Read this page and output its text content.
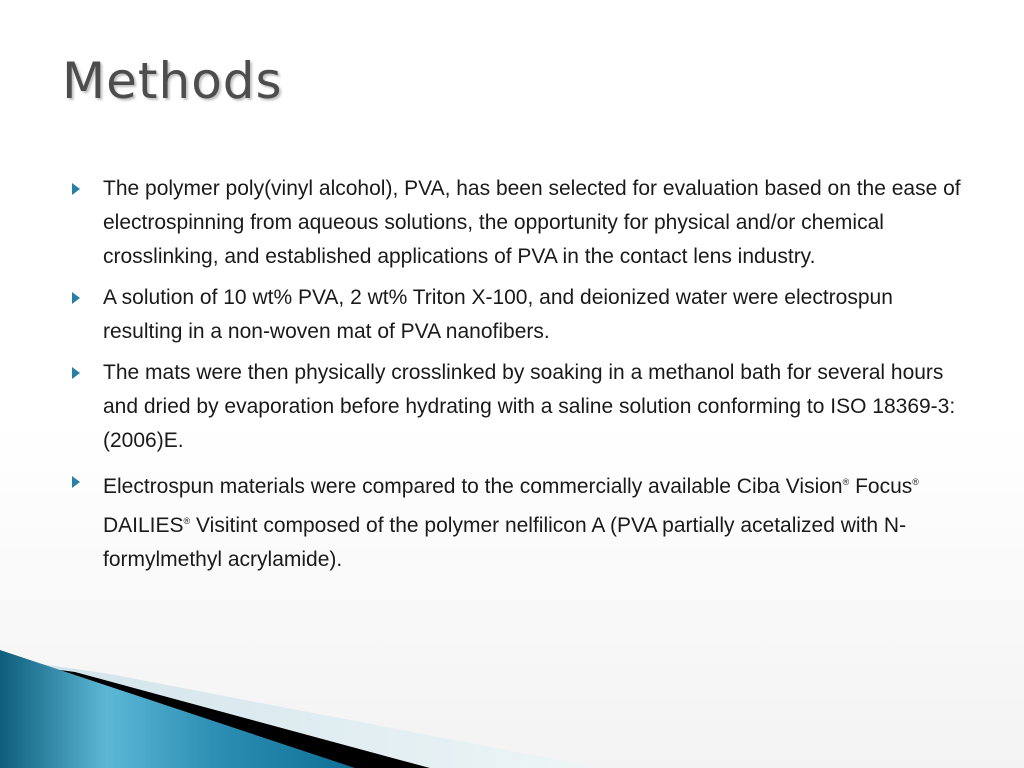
Methods
The polymer poly(vinyl alcohol), PVA, has been selected for evaluation based on the ease of electrospinning from aqueous solutions, the opportunity for physical and/or chemical crosslinking, and established applications of PVA in the contact lens industry.
A solution of 10 wt% PVA, 2 wt% Triton X-100, and deionized water were electrospun resulting in a non-woven mat of PVA nanofibers.
The mats were then physically crosslinked by soaking in a methanol bath for several hours and dried by evaporation before hydrating with a saline solution conforming to ISO 18369-3:(2006)E.
Electrospun materials were compared to the commercially available Ciba Vision® Focus® DAILIES® Visitint composed of the polymer nelfilicon A (PVA partially acetalized with N-formylmethyl acrylamide).
